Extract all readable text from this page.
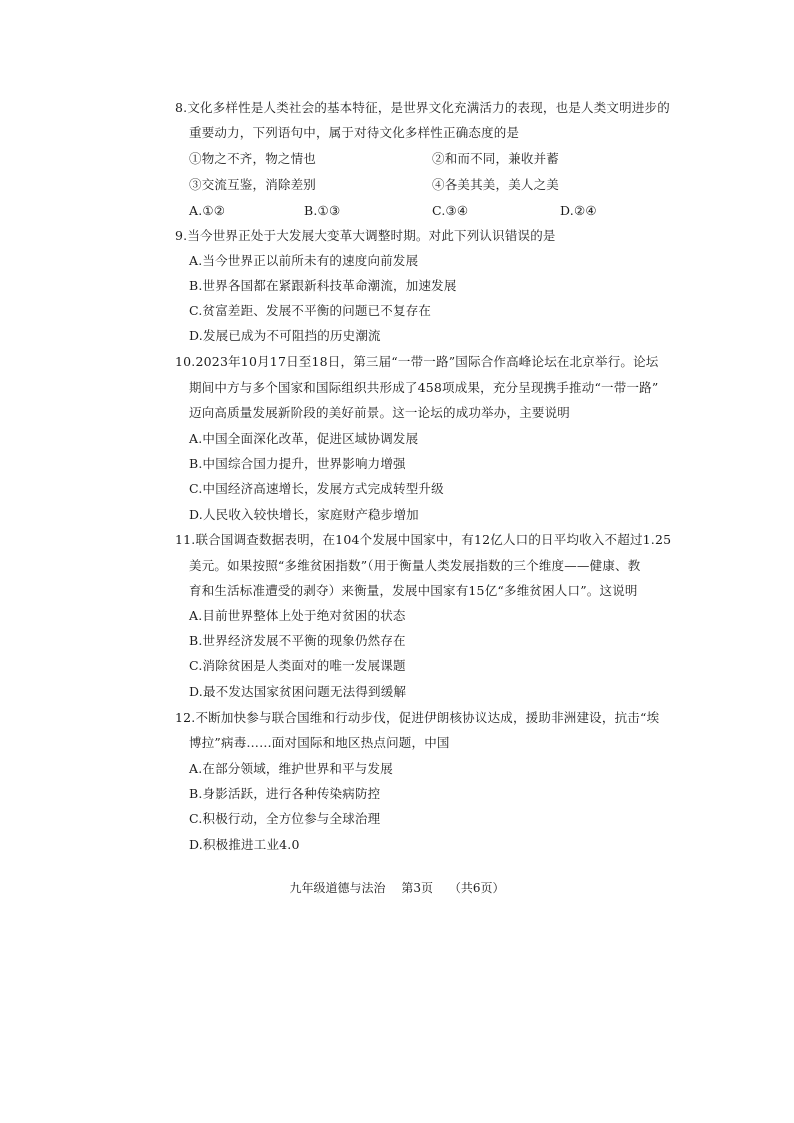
8.文化多样性是人类社会的基本特征，是世界文化充满活力的表现，也是人类文明进步的
重要动力，下列语句中，属于对待文化多样性正确态度的是
①物之不齐，物之情也	②和而不同，兼收并蓄
③交流互鉴，消除差别	④各美其美，美人之美
A.①②	B.①③	C.③④	D.②④
9.当今世界正处于大发展大变革大调整时期。对此下列认识错误的是
A.当今世界正以前所未有的速度向前发展
B.世界各国都在紧跟新科技革命潮流，加速发展
C.贫富差距、发展不平衡的问题已不复存在
D.发展已成为不可阻挡的历史潮流
10.2023年10月17日至18日，第三届“一带一路”国际合作高峰论坛在北京举行。论坛
期间中方与多个国家和国际组织共形成了458项成果，充分呈现携手推动“一带一路”
迈向高质量发展新阶段的美好前景。这一论坛的成功举办，主要说明
A.中国全面深化改革，促进区域协调发展
B.中国综合国力提升，世界影响力增强
C.中国经济高速增长，发展方式完成转型升级
D.人民收入较快增长，家庭财产稳步增加
11.联合国调查数据表明，在104个发展中国家中，有12亿人口的日平均收入不超过1.25
美元。如果按照“多维贫困指数”（用于衡量人类发展指数的三个维度——健康、教
育和生活标准遭受的剥夺）来衡量，发展中国家有15亿“多维贫困人口”。这说明
A.目前世界整体上处于绝对贫困的状态
B.世界经济发展不平衡的现象仍然存在
C.消除贫困是人类面对的唯一发展课题
D.最不发达国家贫困问题无法得到缓解
12.不断加快参与联合国维和行动步伐，促进伊朗核协议达成，援助非洲建设，抗击“埃
博拉”病毒……面对国际和地区热点问题，中国
A.在部分领域，维护世界和平与发展
B.身影活跃，进行各种传染病防控
C.积极行动，全方位参与全球治理
D.积极推进工业4.0
九年级道德与法治 第3页 （共6页）
